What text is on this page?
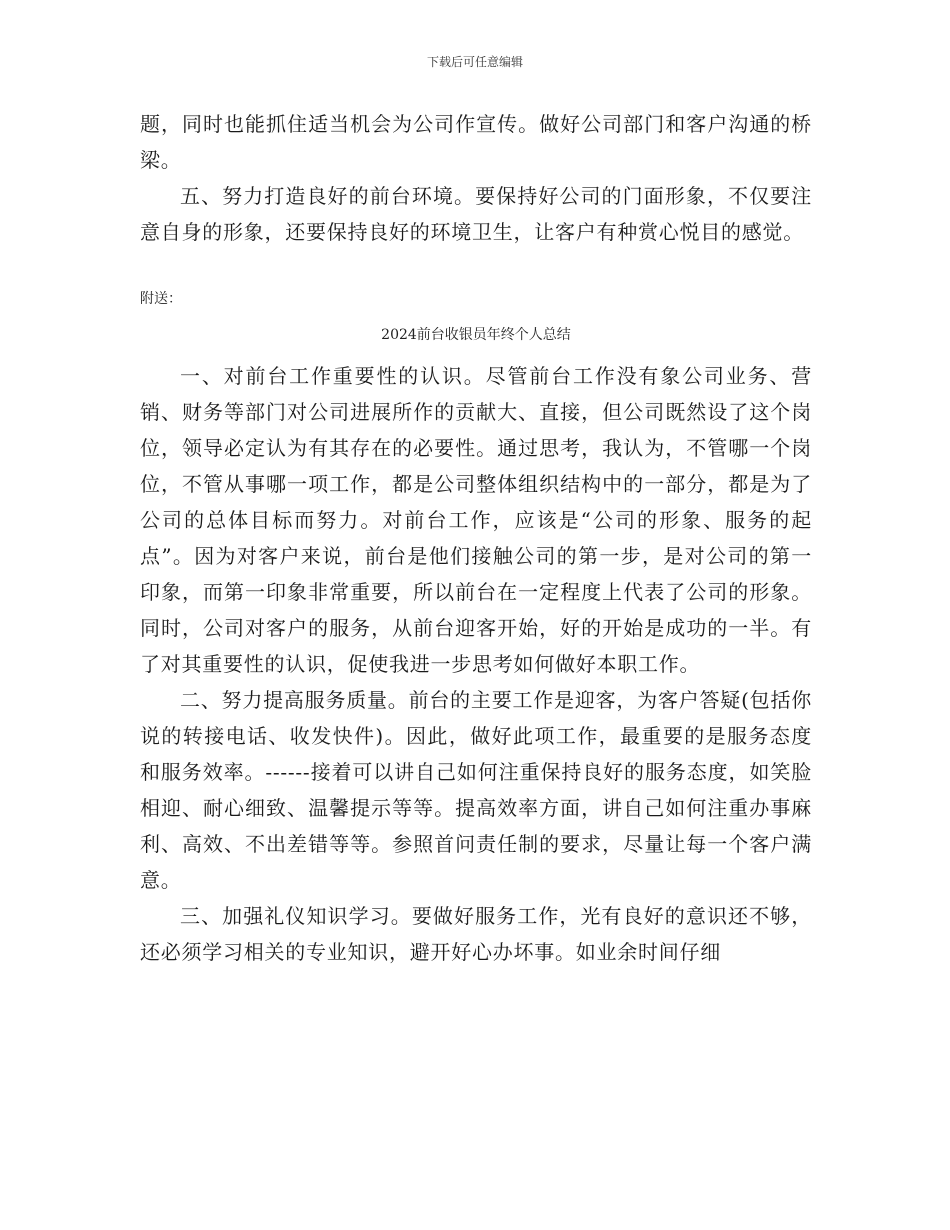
下载后可任意编辑

题，同时也能抓住适当机会为公司作宣传。做好公司部门和客户沟通的桥梁。

五、努力打造良好的前台环境。要保持好公司的门面形象，不仅要注意自身的形象，还要保持良好的环境卫生，让客户有种赏心悦目的感觉。

附送：

2024前台收银员年终个人总结

一、对前台工作重要性的认识。尽管前台工作没有象公司业务、营销、财务等部门对公司进展所作的贡献大、直接，但公司既然设了这个岗位，领导必定认为有其存在的必要性。通过思考，我认为，不管哪一个岗位，不管从事哪一项工作，都是公司整体组织结构中的一部分，都是为了公司的总体目标而努力。对前台工作，应该是“公司的形象、服务的起点”。因为对客户来说，前台是他们接触公司的第一步，是对公司的第一印象，而第一印象非常重要，所以前台在一定程度上代表了公司的形象。同时，公司对客户的服务，从前台迎客开始，好的开始是成功的一半。有了对其重要性的认识，促使我进一步思考如何做好本职工作。

二、努力提高服务质量。前台的主要工作是迎客，为客户答疑(包括你说的转接电话、收发快件)。因此，做好此项工作，最重要的是服务态度和服务效率。------接着可以讲自己如何注重保持良好的服务态度，如笑脸相迎、耐心细致、温馨提示等等。提高效率方面，讲自己如何注重办事麻利、高效、不出差错等等。参照首问责任制的要求，尽量让每一个客户满意。

三、加强礼仪知识学习。要做好服务工作，光有良好的意识还不够，还必须学习相关的专业知识，避开好心办坏事。如业余时间仔细
